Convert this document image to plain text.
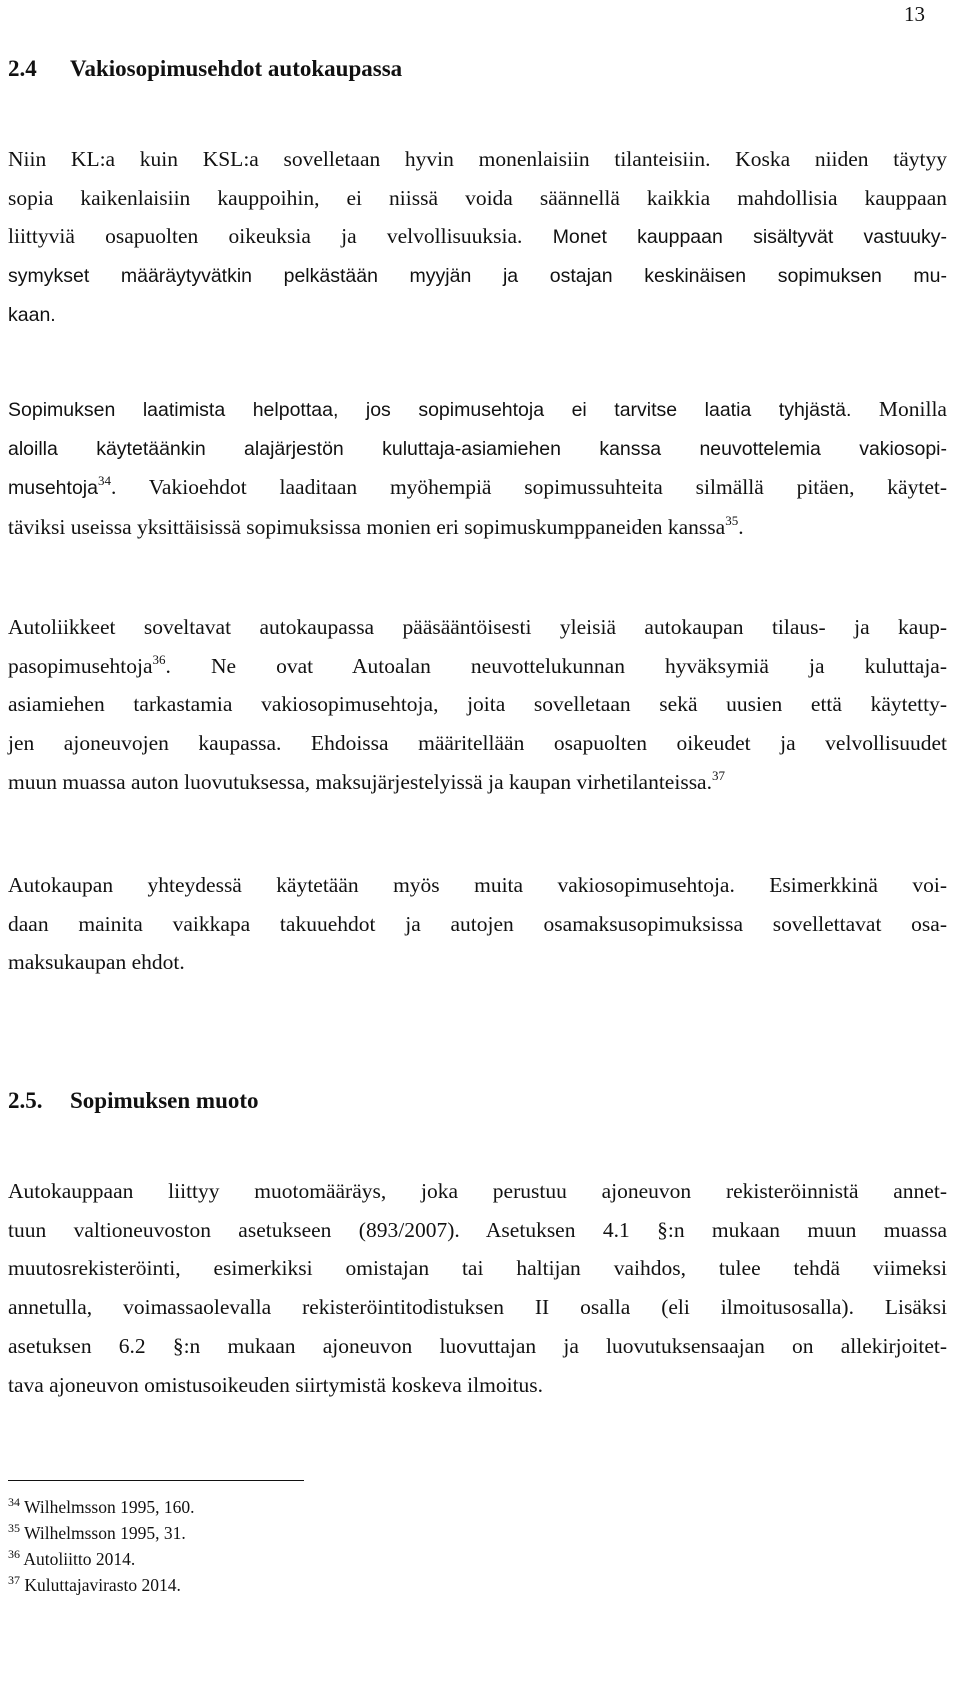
13
2.4 Vakiosopimusehdot autokaupassa
Niin KL:a kuin KSL:a sovelletaan hyvin monenlaisiin tilanteisiin. Koska niiden täytyy
sopia kaikenlaisiin kauppoihin, ei niissä voida säännellä kaikkia mahdollisia kauppaan
liittyviä osapuolten oikeuksia ja velvollisuuksia. Monet kauppaan sisältyvät vastuuky-
symykset määräytyvätkin pelkästään myyjän ja ostajan keskinäisen sopimuksen mu-
kaan.
Sopimuksen laatimista helpottaa, jos sopimusehtoja ei tarvitse laatia tyhjästä. Monilla
aloilla käytetäänkin alajärjestön kuluttaja-asiamiehen kanssa neuvottelemia vakiosopi-
musehtoja$^{34}$. Vakioehdot laaditaan myöhempiä sopimussuhteita silmällä pitäen, käytet-
täviksi useissa yksittäisissä sopimuksissa monien eri sopimuskumppaneiden kanssa$^{35}$.
Autoliikkeet soveltavat autokaupassa pääsääntöisesti yleisiä autokaupan tilaus- ja kaup-
pasopimusehtoja$^{36}$. Ne ovat Autoalan neuvottelukunnan hyväksymiä ja kuluttaja-
asiamiehen tarkastamia vakiosopimusehtoja, joita sovelletaan sekä uusien että käytetty-
jen ajoneuvojen kaupassa. Ehdoissa määritellään osapuolten oikeudet ja velvollisuudet
muun muassa auton luovutuksessa, maksujärjestelyissä ja kaupan virhetilanteissa.$^{37}$
Autokaupan yhteydessä käytetään myös muita vakiosopimusehtoja. Esimerkkinä voi-
daan mainita vaikkapa takuuehdot ja autojen osamaksusopimuksissa sovellettavat osa-
maksukaupan ehdot.
2.5. Sopimuksen muoto
Autokauppaan liittyy muotomääräys, joka perustuu ajoneuvon rekisteröinnistä annet-
tuun valtioneuvoston asetukseen (893/2007). Asetuksen 4.1 §:n mukaan muun muassa
muutosrekisteröinti, esimerkiksi omistajan tai haltijan vaihdos, tulee tehdä viimeksi
annetulla, voimassaolevalla rekisteröintitodistuksen II osalla (eli ilmoitusosalla). Lisäksi
asetuksen 6.2 §:n mukaan ajoneuvon luovuttajan ja luovutuksensaajan on allekirjoitet-
tava ajoneuvon omistusoikeuden siirtymistä koskeva ilmoitus.
$^{34}$ Wilhelmsson 1995, 160.
$^{35}$ Wilhelmsson 1995, 31.
$^{36}$ Autoliitto 2014.
$^{37}$ Kuluttajavirasto 2014.
